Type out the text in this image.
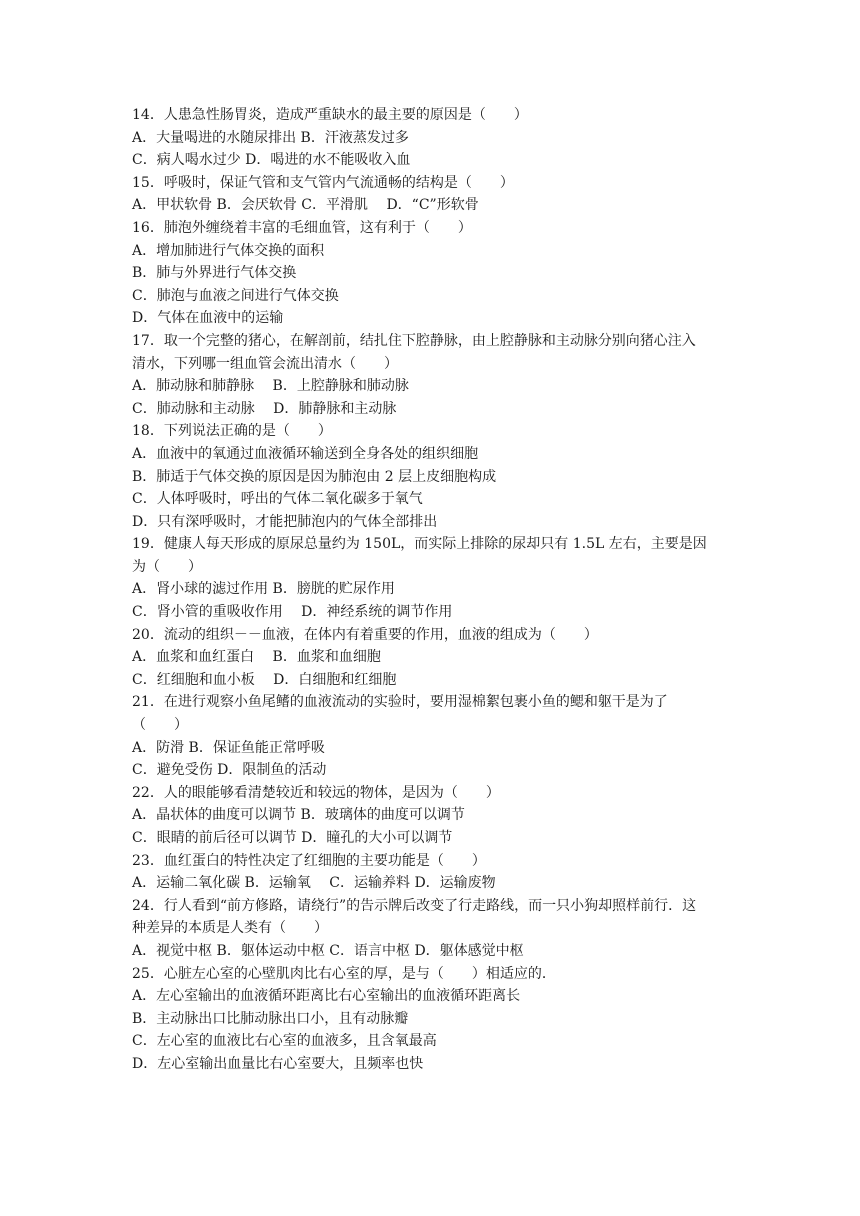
14．人患急性肠胃炎，造成严重缺水的最主要的原因是（　　）
A．大量喝进的水随尿排出 B．汗液蒸发过多
C．病人喝水过少 D．喝进的水不能吸收入血
15．呼吸时，保证气管和支气管内气流通畅的结构是（　　）
A．甲状软骨 B．会厌软骨 C．平滑肌　 D．“C”形软骨
16．肺泡外缠绕着丰富的毛细血管，这有利于（　　）
A．增加肺进行气体交换的面积
B．肺与外界进行气体交换
C．肺泡与血液之间进行气体交换
D．气体在血液中的运输
17．取一个完整的猪心，在解剖前，结扎住下腔静脉，由上腔静脉和主动脉分别向猪心注入
清水，下列哪一组血管会流出清水（　　）
A．肺动脉和肺静脉　 B．上腔静脉和肺动脉
C．肺动脉和主动脉　 D．肺静脉和主动脉
18．下列说法正确的是（　　）
A．血液中的氧通过血液循环输送到全身各处的组织细胞
B．肺适于气体交换的原因是因为肺泡由 2 层上皮细胞构成
C．人体呼吸时，呼出的气体二氧化碳多于氧气
D．只有深呼吸时，才能把肺泡内的气体全部排出
19．健康人每天形成的原尿总量约为 150L，而实际上排除的尿却只有 1.5L 左右，主要是因
为（　　）
A．肾小球的滤过作用 B．膀胱的贮尿作用
C．肾小管的重吸收作用　 D．神经系统的调节作用
20．流动的组织－－血液，在体内有着重要的作用，血液的组成为（　　）
A．血浆和血红蛋白　 B．血浆和血细胞
C．红细胞和血小板　 D．白细胞和红细胞
21．在进行观察小鱼尾鳍的血液流动的实验时，要用湿棉絮包裹小鱼的鳃和躯干是为了
（　　）
A．防滑 B．保证鱼能正常呼吸
C．避免受伤 D．限制鱼的活动
22．人的眼能够看清楚较近和较远的物体，是因为（　　）
A．晶状体的曲度可以调节 B．玻璃体的曲度可以调节
C．眼睛的前后径可以调节 D．瞳孔的大小可以调节
23．血红蛋白的特性决定了红细胞的主要功能是（　　）
A．运输二氧化碳 B．运输氧　 C．运输养料 D．运输废物
24．行人看到“前方修路，请绕行”的告示牌后改变了行走路线，而一只小狗却照样前行．这
种差异的本质是人类有（　　）
A．视觉中枢 B．躯体运动中枢 C．语言中枢 D．躯体感觉中枢
25．心脏左心室的心壁肌肉比右心室的厚，是与（　　）相适应的．
A．左心室输出的血液循环距离比右心室输出的血液循环距离长
B．主动脉出口比肺动脉出口小，且有动脉瓣
C．左心室的血液比右心室的血液多，且含氧最高
D．左心室输出血量比右心室要大，且频率也快
